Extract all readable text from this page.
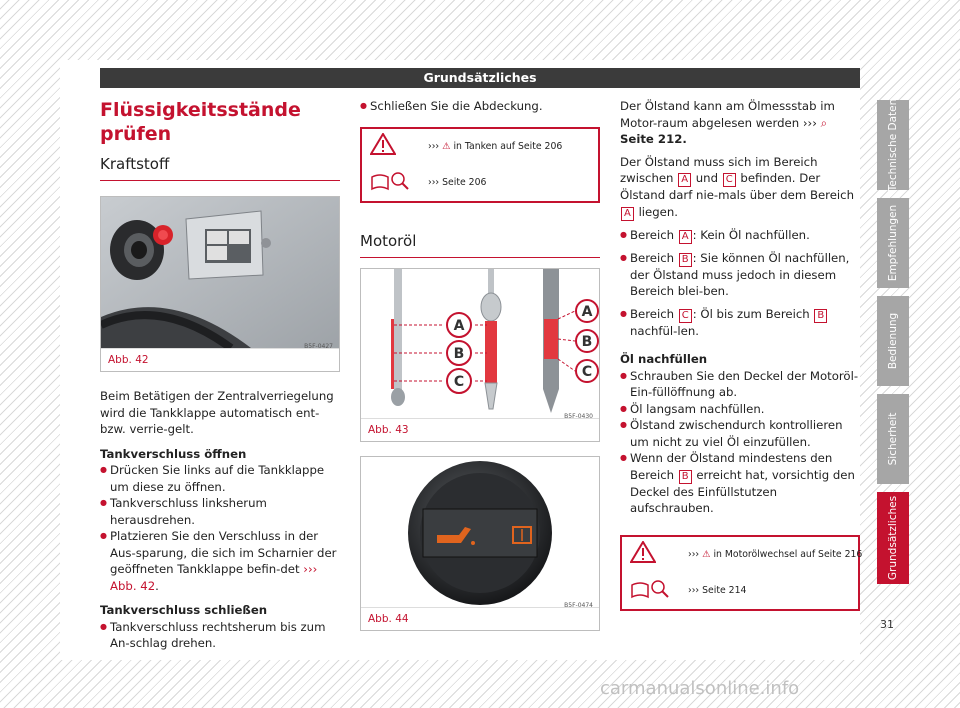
Grundsätzliches
Flüssigkeitsstände prüfen
Kraftstoff
B5F-0427
Abb. 42

Beim Betätigen der Zentralverriegelung wird die Tankklappe automatisch ent- bzw. verrie-gelt.

Tankverschluss öffnen

● Drücken Sie links auf die Tankklappe um diese zu öffnen.

● Tankverschluss linksherum herausdrehen.

● Platzieren Sie den Verschluss in der Aus-sparung, die sich im Scharnier der geöffneten Tankklappe befin-det ››› Abb. 42.

Tankverschluss schließen

● Tankverschluss rechtsherum bis zum An-schlag drehen.

● Schließen Sie die Abdeckung.

››› ⚠ in Tanken auf Seite 206
››› Seite 206
Motoröl
A
B
C
A
B
C
B5F-0430
Abb. 43
B5F-0474
Abb. 44

Der Ölstand kann am Ölmessstab im Motor-raum abgelesen werden ››› ⌕ Seite 212.

Der Ölstand muss sich im Bereich zwischen A und C befinden. Der Ölstand darf nie-mals über dem Bereich A liegen.

● Bereich A : Kein Öl nachfüllen.

● Bereich B : Sie können Öl nachfüllen, der Ölstand muss jedoch in diesem Bereich blei-ben.

● Bereich C : Öl bis zum Bereich B nachfül-len.

Öl nachfüllen

● Schrauben Sie den Deckel der Motoröl-Ein-füllöffnung ab.

● Öl langsam nachfüllen.

● Ölstand zwischendurch kontrollieren um nicht zu viel Öl einzufüllen.

● Wenn der Ölstand mindestens den Bereich B erreicht hat, vorsichtig den Deckel des Einfüllstutzen aufschrauben.

››› ⚠ in Motorölwechsel auf Seite 216
››› Seite 214
Technische Daten
Empfehlungen
Bedienung
Sicherheit
Grundsätzliches
31
carmanualsonline.info
